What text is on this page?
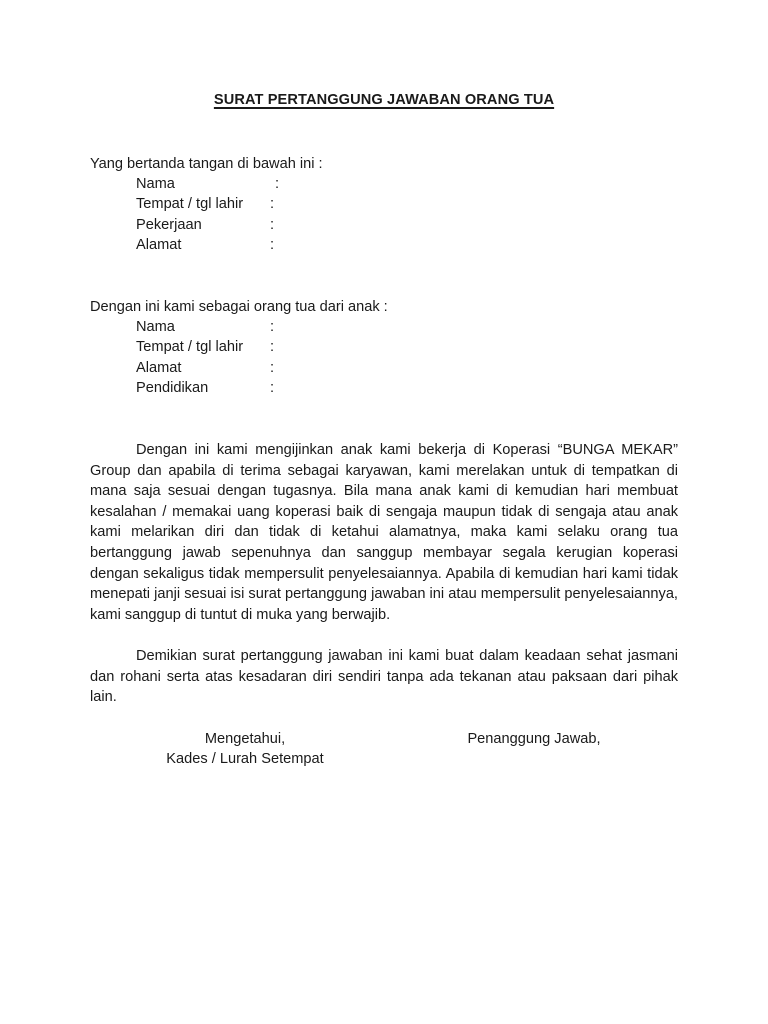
SURAT PERTANGGUNG JAWABAN ORANG TUA
Yang bertanda tangan di bawah ini :
Nama	:
Tempat / tgl lahir :
Pekerjaan	:
Alamat	:
Dengan ini kami sebagai orang tua dari anak :
Nama	:
Tempat / tgl lahir :
Alamat	:
Pendidikan	:

Dengan ini kami mengijinkan anak kami bekerja di Koperasi “BUNGA MEKAR” Group dan apabila di terima sebagai karyawan, kami merelakan untuk di tempatkan di mana saja sesuai dengan tugasnya. Bila mana anak kami di kemudian hari membuat kesalahan / memakai uang koperasi baik di sengaja maupun tidak di sengaja atau anak kami melarikan diri dan tidak di ketahui alamatnya, maka kami selaku orang tua bertanggung jawab sepenuhnya dan sanggup membayar segala kerugian koperasi dengan sekaligus tidak mempersulit penyelesaiannya. Apabila di kemudian hari kami tidak menepati janji sesuai isi surat pertanggung jawaban ini atau mempersulit penyelesaiannya, kami sanggup di tuntut di muka yang berwajib.

Demikian surat pertanggung jawaban ini kami buat dalam keadaan sehat jasmani dan rohani serta atas kesadaran diri sendiri tanpa ada tekanan atau paksaan dari pihak lain.

Mengetahui,
Kades / Lurah Setempat
Penanggung Jawab,
